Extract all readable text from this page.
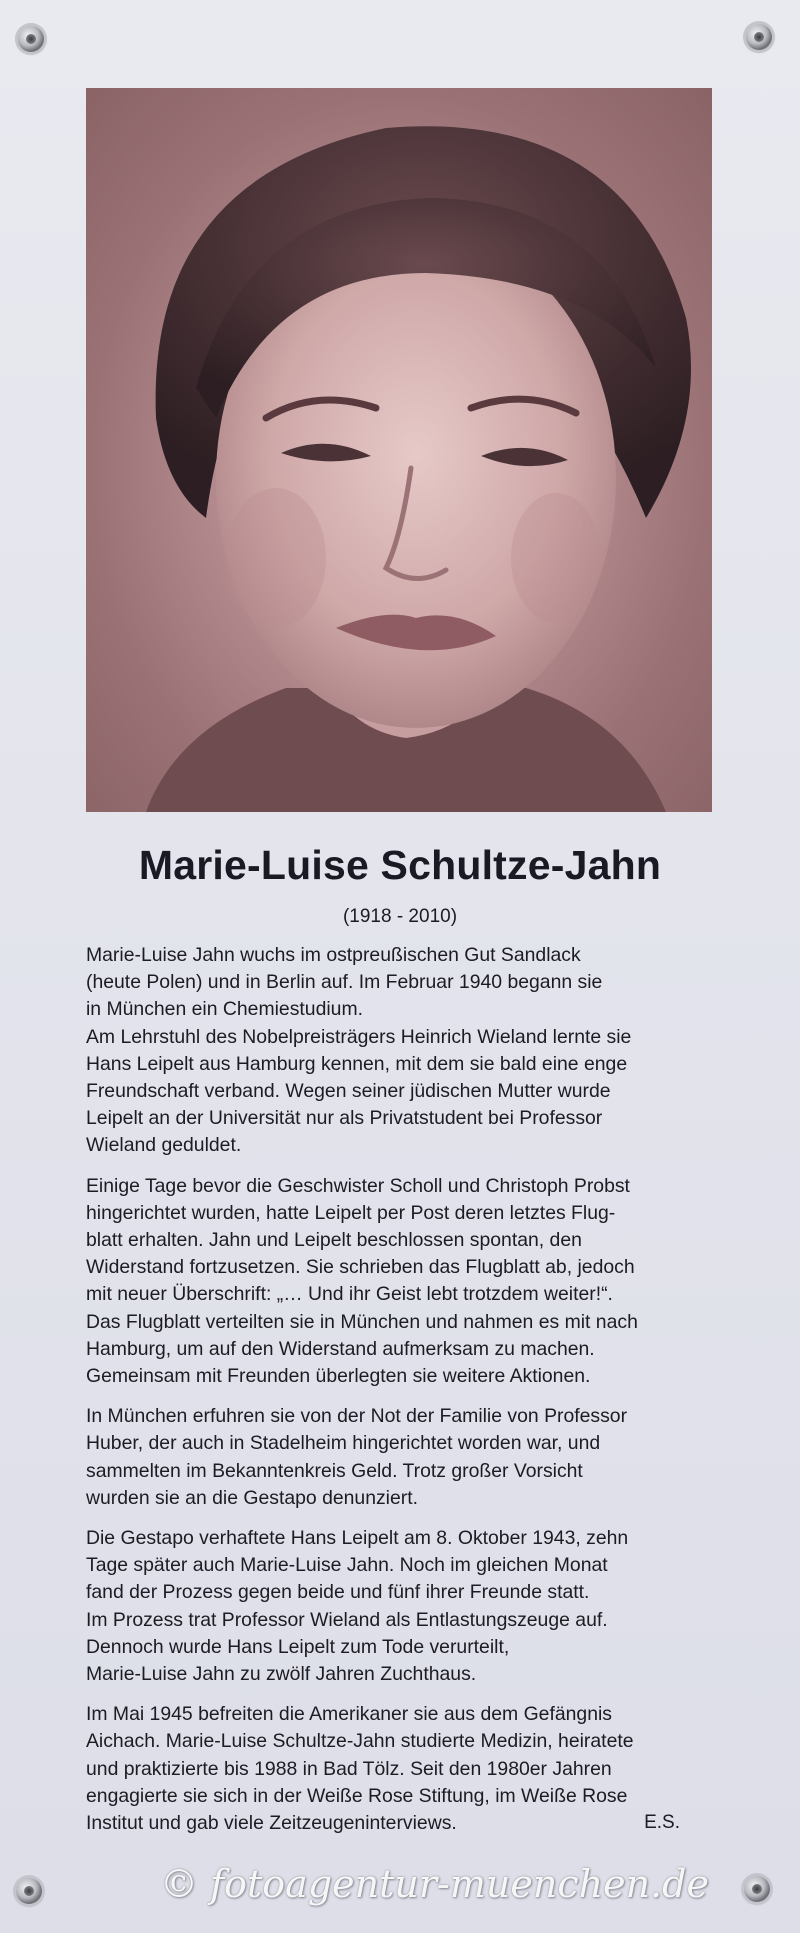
Marie-Luise Schultze-Jahn
(1918 - 2010)

Marie-Luise Jahn wuchs im ostpreußischen Gut Sandlack
(heute Polen) und in Berlin auf. Im Februar 1940 begann sie
in München ein Chemiestudium.
Am Lehrstuhl des Nobelpreisträgers Heinrich Wieland lernte sie
Hans Leipelt aus Hamburg kennen, mit dem sie bald eine enge
Freundschaft verband. Wegen seiner jüdischen Mutter wurde
Leipelt an der Universität nur als Privatstudent bei Professor
Wieland geduldet.

Einige Tage bevor die Geschwister Scholl und Christoph Probst
hingerichtet wurden, hatte Leipelt per Post deren letztes Flug-
blatt erhalten. Jahn und Leipelt beschlossen spontan, den
Widerstand fortzusetzen. Sie schrieben das Flugblatt ab, jedoch
mit neuer Überschrift: „… Und ihr Geist lebt trotzdem weiter!“.
Das Flugblatt verteilten sie in München und nahmen es mit nach
Hamburg, um auf den Widerstand aufmerksam zu machen.
Gemeinsam mit Freunden überlegten sie weitere Aktionen.

In München erfuhren sie von der Not der Familie von Professor
Huber, der auch in Stadelheim hingerichtet worden war, und
sammelten im Bekanntenkreis Geld. Trotz großer Vorsicht
wurden sie an die Gestapo denunziert.

Die Gestapo verhaftete Hans Leipelt am 8. Oktober 1943, zehn
Tage später auch Marie-Luise Jahn. Noch im gleichen Monat
fand der Prozess gegen beide und fünf ihrer Freunde statt.
Im Prozess trat Professor Wieland als Entlastungszeuge auf.
Dennoch wurde Hans Leipelt zum Tode verurteilt,
Marie-Luise Jahn zu zwölf Jahren Zuchthaus.

Im Mai 1945 befreiten die Amerikaner sie aus dem Gefängnis
Aichach. Marie-Luise Schultze-Jahn studierte Medizin, heiratete
und praktizierte bis 1988 in Bad Tölz. Seit den 1980er Jahren
engagierte sie sich in der Weiße Rose Stiftung, im Weiße Rose
Institut und gab viele Zeitzeugeninterviews.	E.S.
© fotoagentur-muenchen.de
